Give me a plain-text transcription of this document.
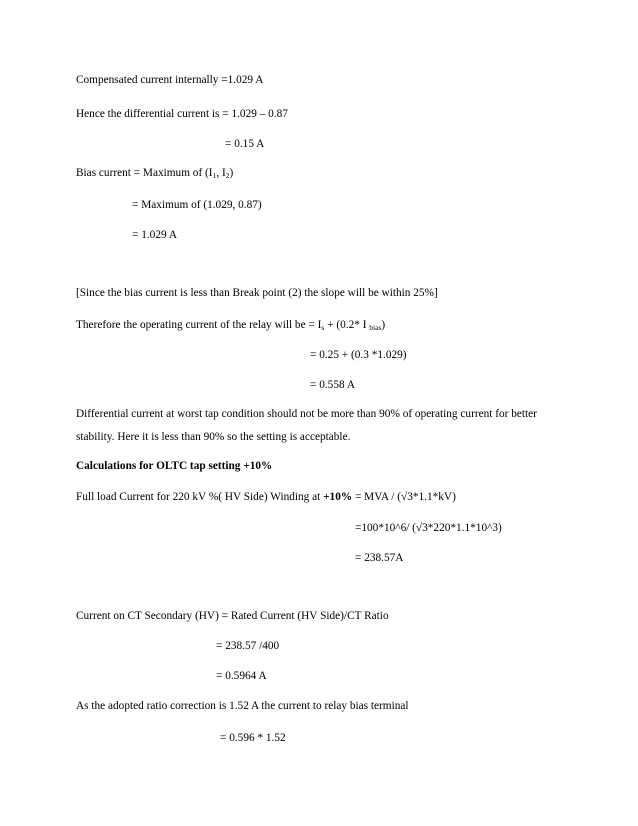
Compensated current internally =1.029 A
Hence the differential current is = 1.029 – 0.87
= 0.15 A
Bias current = Maximum of ($I_1$, $I_2$)
= Maximum of (1.029, 0.87)
= 1.029 A
[Since the bias current is less than Break point (2) the slope will be within 25%]
Therefore the operating current of the relay will be = $I_s + (0.2*$ I $_{bias}$)
= 0.25 + (0.3 *1.029)
= 0.558 A
Differential current at worst tap condition should not be more than 90% of operating current for better
stability. Here it is less than 90% so the setting is acceptable.
Calculations for OLTC tap setting +10%
Full load Current for 220 kV %( HV Side) Winding at +10% = MVA / (√3*1.1*kV)
=100*10^6/ (√3*220*1.1*10^3)
= 238.57A
Current on CT Secondary (HV) = Rated Current (HV Side)/CT Ratio
= 238.57 /400
= 0.5964 A
As the adopted ratio correction is 1.52 A the current to relay bias terminal
= 0.596 * 1.52
